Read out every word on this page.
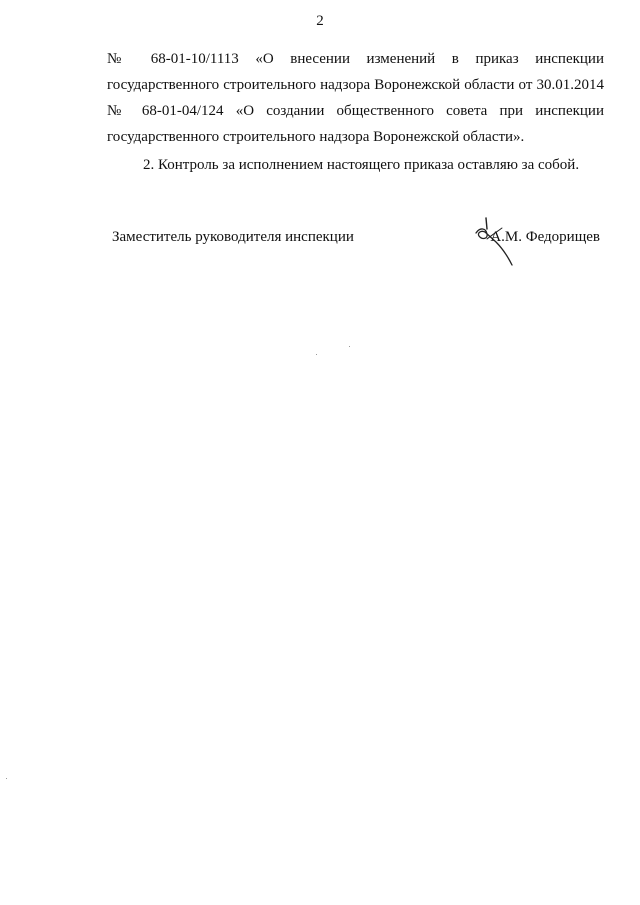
2

№ 68-01-10/1113 «О внесении изменений в приказ инспекции
государственного строительного надзора Воронежской области от 30.01.2014
№ 68-01-04/124 «О создании общественного совета при инспекции
государственного строительного надзора Воронежской области».

2. Контроль за исполнением настоящего приказа оставляю за собой.

Заместитель руководителя инспекции	А.М. Федорищев
